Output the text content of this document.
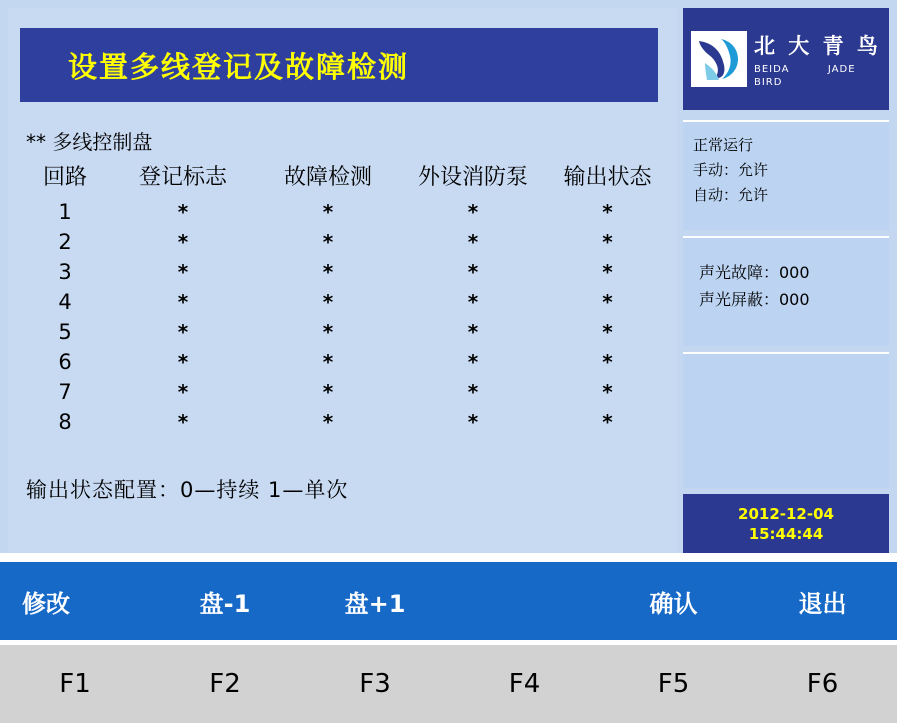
设置多线登记及故障检测
** 多线控制盘
回路	登记标志	故障检测	外设消防泵	输出状态
1	*	*	*	*
2	*	*	*	*
3	*	*	*	*
4	*	*	*	*
5	*	*	*	*
6	*	*	*	*
7	*	*	*	*
8	*	*	*	*
输出状态配置：0—持续 1—单次
北 大 青 鸟
BEIDA	JADE
BIRD
正常运行
手动：允许
自动：允许
声光故障：000
声光屏蔽：000
2012-12-04
15:44:44
修改	盘-1	盘+1	确认	退出
F1	F2	F3	F4	F5	F6
